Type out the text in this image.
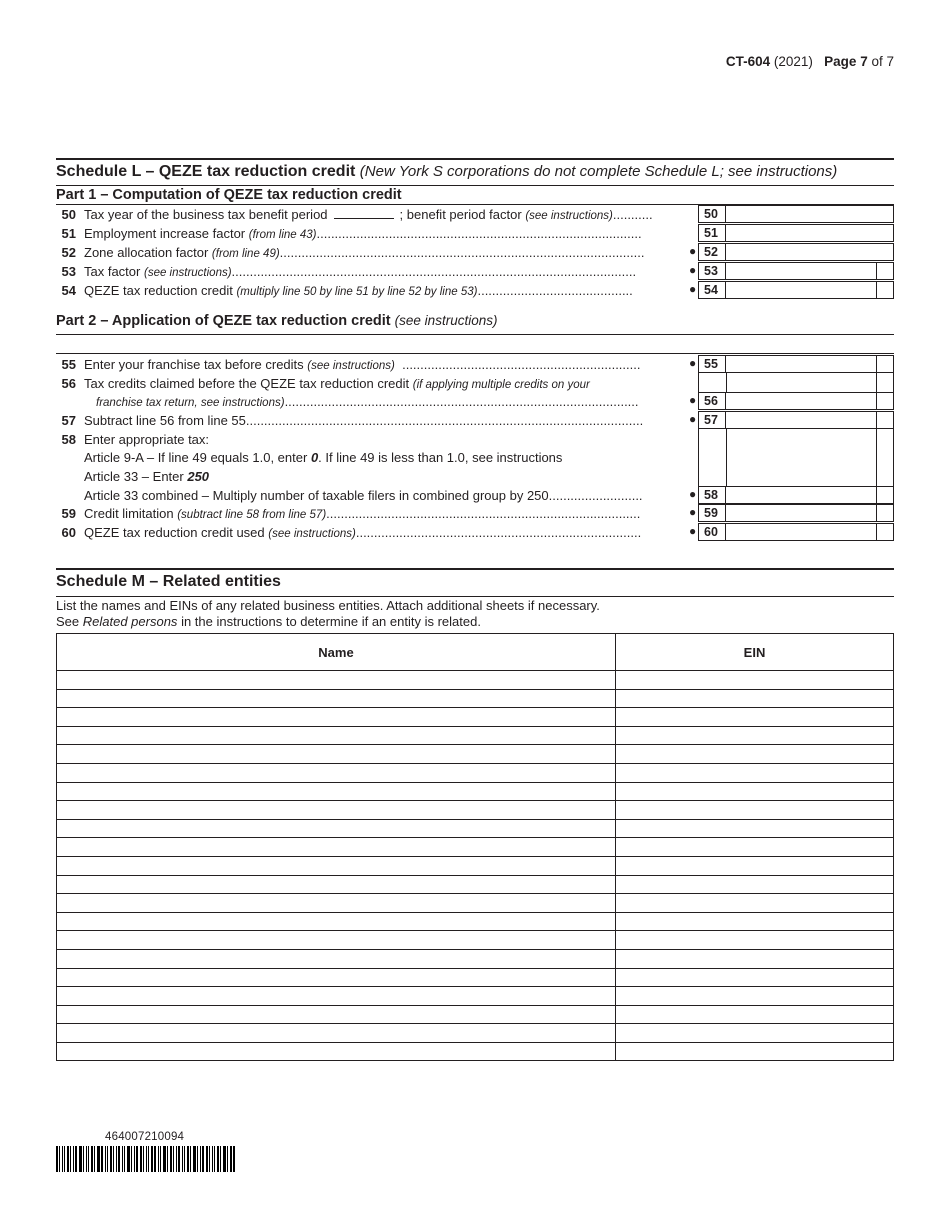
CT-604 (2021) Page 7 of 7
Schedule L – QEZE tax reduction credit (New York S corporations do not complete Schedule L; see instructions)
Part 1 – Computation of QEZE tax reduction credit
50 Tax year of the business tax benefit period	; benefit period factor (see instructions)...........	50
51 Employment increase factor (from line 43)..........................................................................................	51
52 Zone allocation factor (from line 49).....................................................................................................	● 52
53 Tax factor (see instructions)................................................................................................................	● 53
54 QEZE tax reduction credit (multiply line 50 by line 51 by line 52 by line 53)...........................................	● 54
Part 2 – Application of QEZE tax reduction credit (see instructions)
55 Enter your franchise tax before credits (see instructions) ..................................................................	● 55
56 Tax credits claimed before the QEZE tax reduction credit (if applying multiple credits on your
franchise tax return, see instructions)..................................................................................................	● 56
57 Subtract line 56 from line 55..............................................................................................................	● 57
58 Enter appropriate tax:
Article 9-A – If line 49 equals 1.0, enter 0. If line 49 is less than 1.0, see instructions
Article 33 – Enter 250
Article 33 combined – Multiply number of taxable filers in combined group by 250..........................	● 58
59 Credit limitation (subtract line 58 from line 57).......................................................................................	● 59
60 QEZE tax reduction credit used (see instructions)...............................................................................	● 60
Schedule M – Related entities
List the names and EINs of any related business entities. Attach additional sheets if necessary.
See Related persons in the instructions to determine if an entity is related.
Name	EIN

464007210094
